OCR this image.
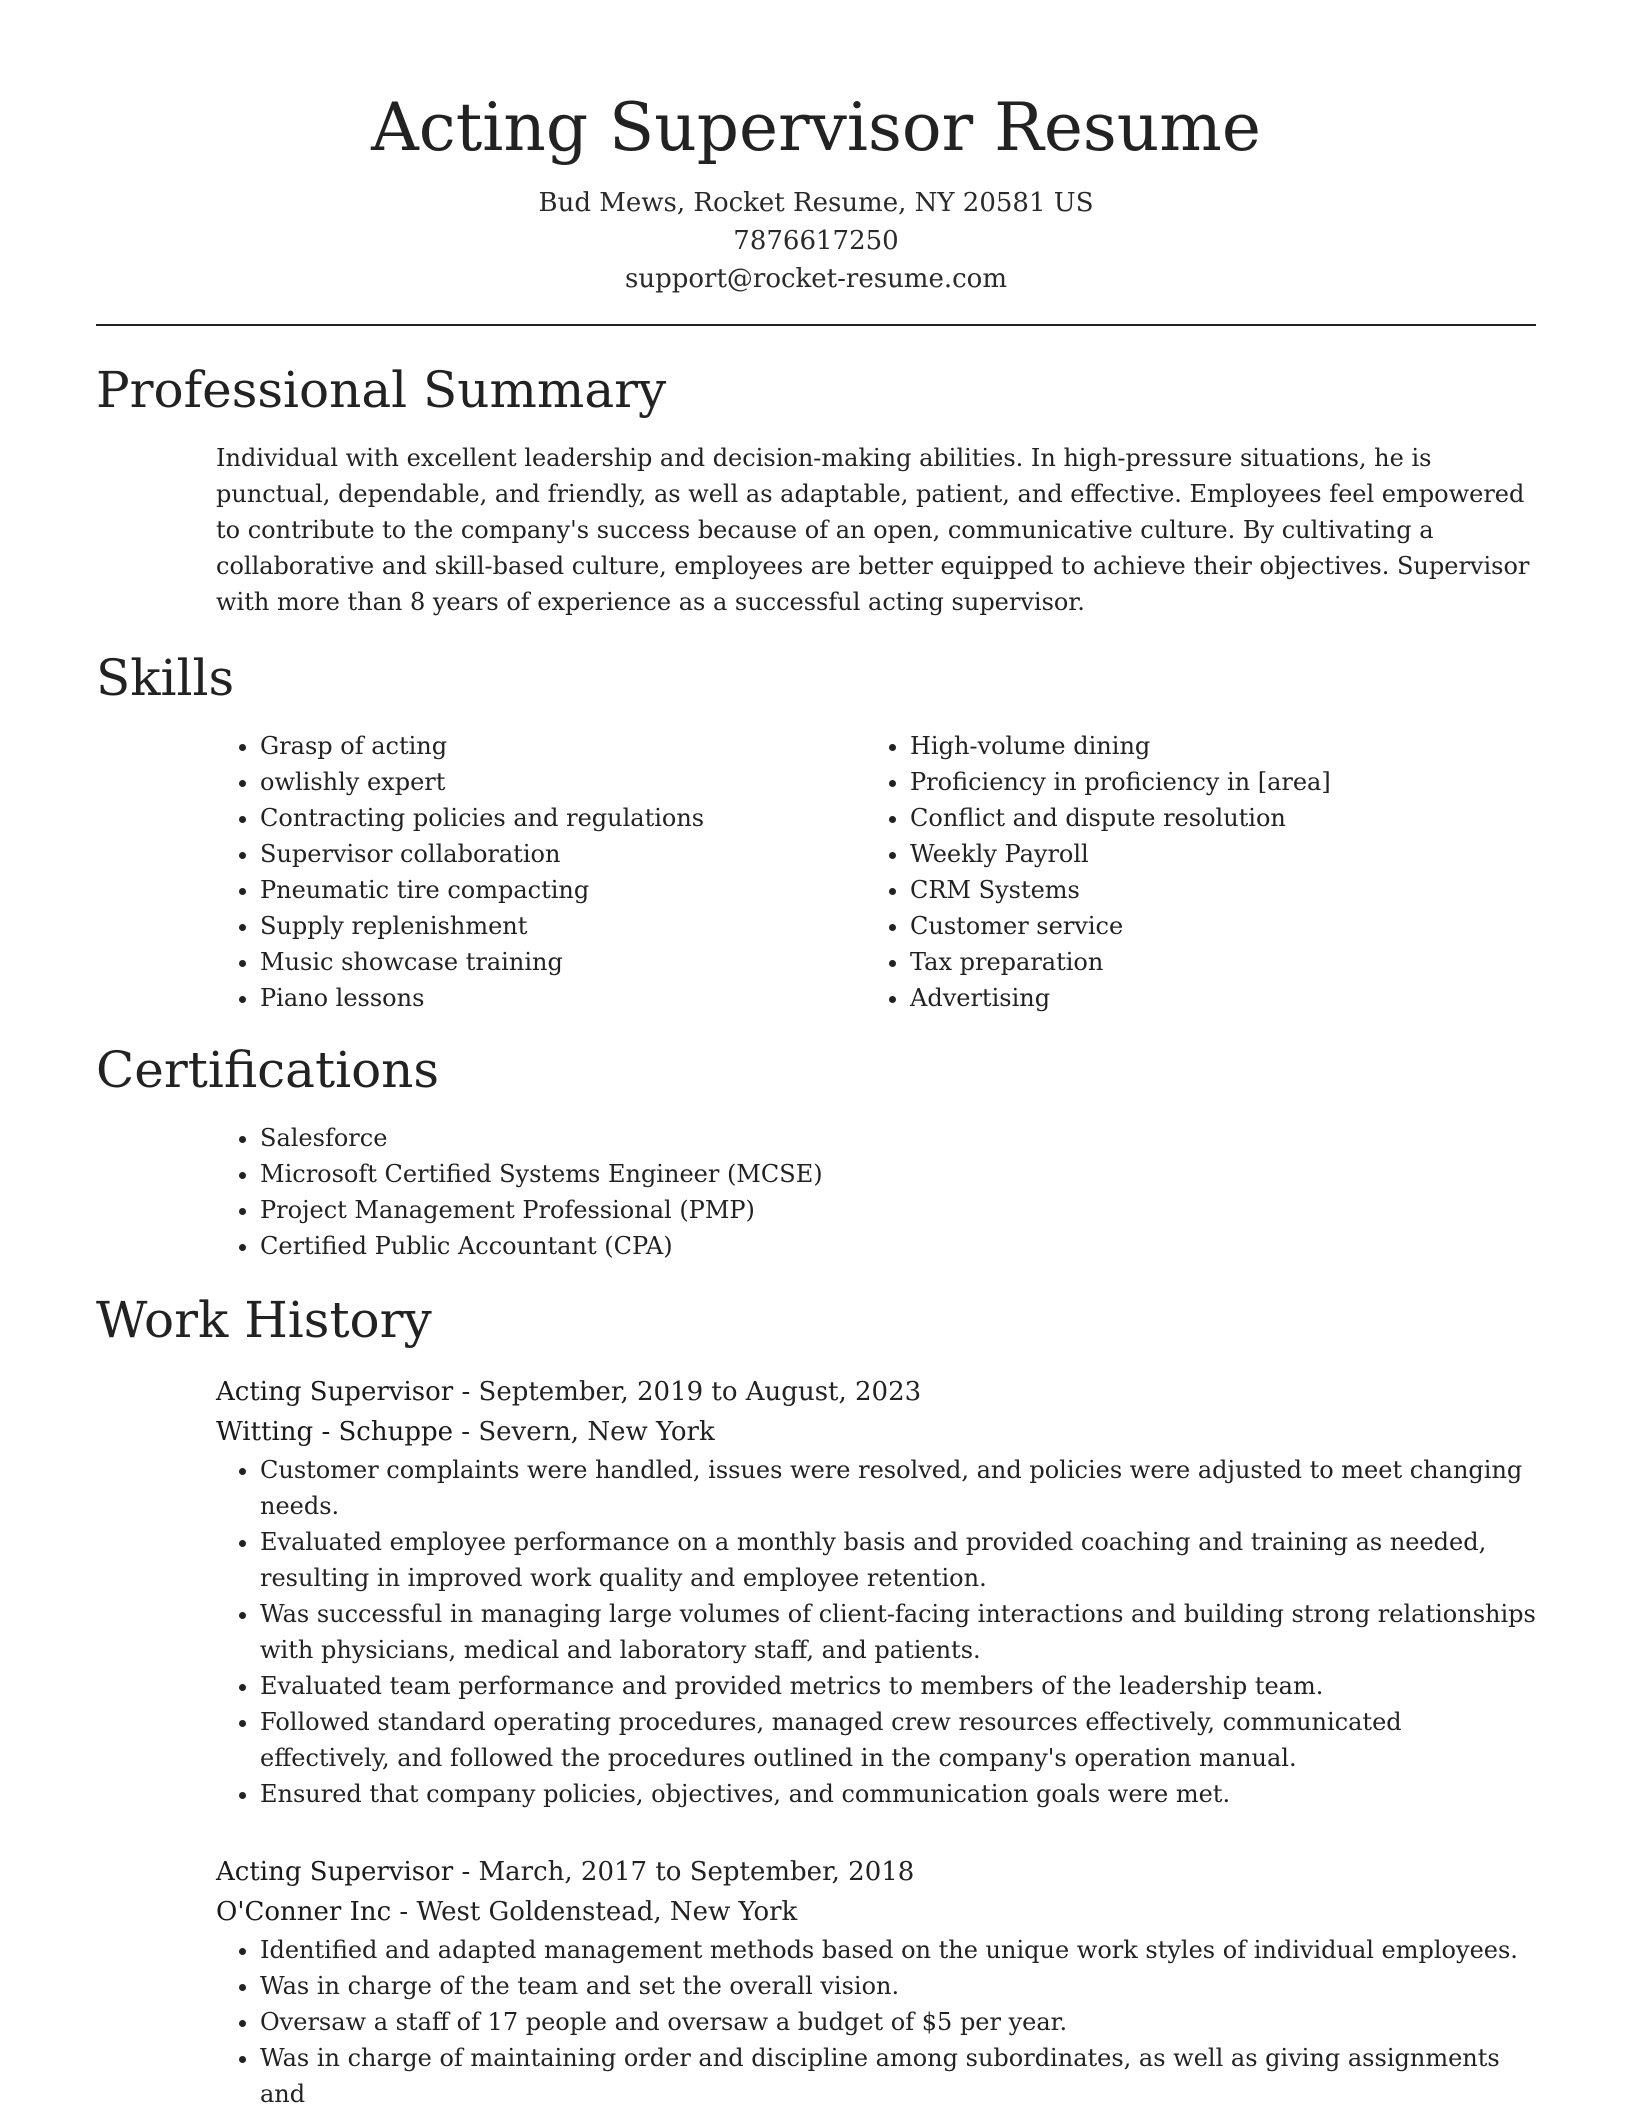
Acting Supervisor Resume
Bud Mews, Rocket Resume, NY 20581 US
7876617250
support@rocket-resume.com
Professional Summary

Individual with excellent leadership and decision-making abilities. In high-pressure situations, he is punctual, dependable, and friendly, as well as adaptable, patient, and effective. Employees feel empowered to contribute to the company's success because of an open, communicative culture. By cultivating a collaborative and skill-based culture, employees are better equipped to achieve their objectives. Supervisor with more than 8 years of experience as a successful acting supervisor.

Skills
• Grasp of acting
• owlishly expert
• Contracting policies and regulations
• Supervisor collaboration
• Pneumatic tire compacting
• Supply replenishment
• Music showcase training
• Piano lessons
• High-volume dining
• Proficiency in proficiency in [area]
• Conflict and dispute resolution
• Weekly Payroll
• CRM Systems
• Customer service
• Tax preparation
• Advertising
Certifications
• Salesforce
• Microsoft Certified Systems Engineer (MCSE)
• Project Management Professional (PMP)
• Certified Public Accountant (CPA)
Work History
Acting Supervisor - September, 2019 to August, 2023
Witting - Schuppe - Severn, New York
• Customer complaints were handled, issues were resolved, and policies were adjusted to meet changing needs.
• Evaluated employee performance on a monthly basis and provided coaching and training as needed, resulting in improved work quality and employee retention.
• Was successful in managing large volumes of client-facing interactions and building strong relationships with physicians, medical and laboratory staff, and patients.
• Evaluated team performance and provided metrics to members of the leadership team.
• Followed standard operating procedures, managed crew resources effectively, communicated effectively, and followed the procedures outlined in the company's operation manual.
• Ensured that company policies, objectives, and communication goals were met.
Acting Supervisor - March, 2017 to September, 2018
O'Conner Inc - West Goldenstead, New York
• Identified and adapted management methods based on the unique work styles of individual employees.
• Was in charge of the team and set the overall vision.
• Oversaw a staff of 17 people and oversaw a budget of $5 per year.
• Was in charge of maintaining order and discipline among subordinates, as well as giving assignments and
